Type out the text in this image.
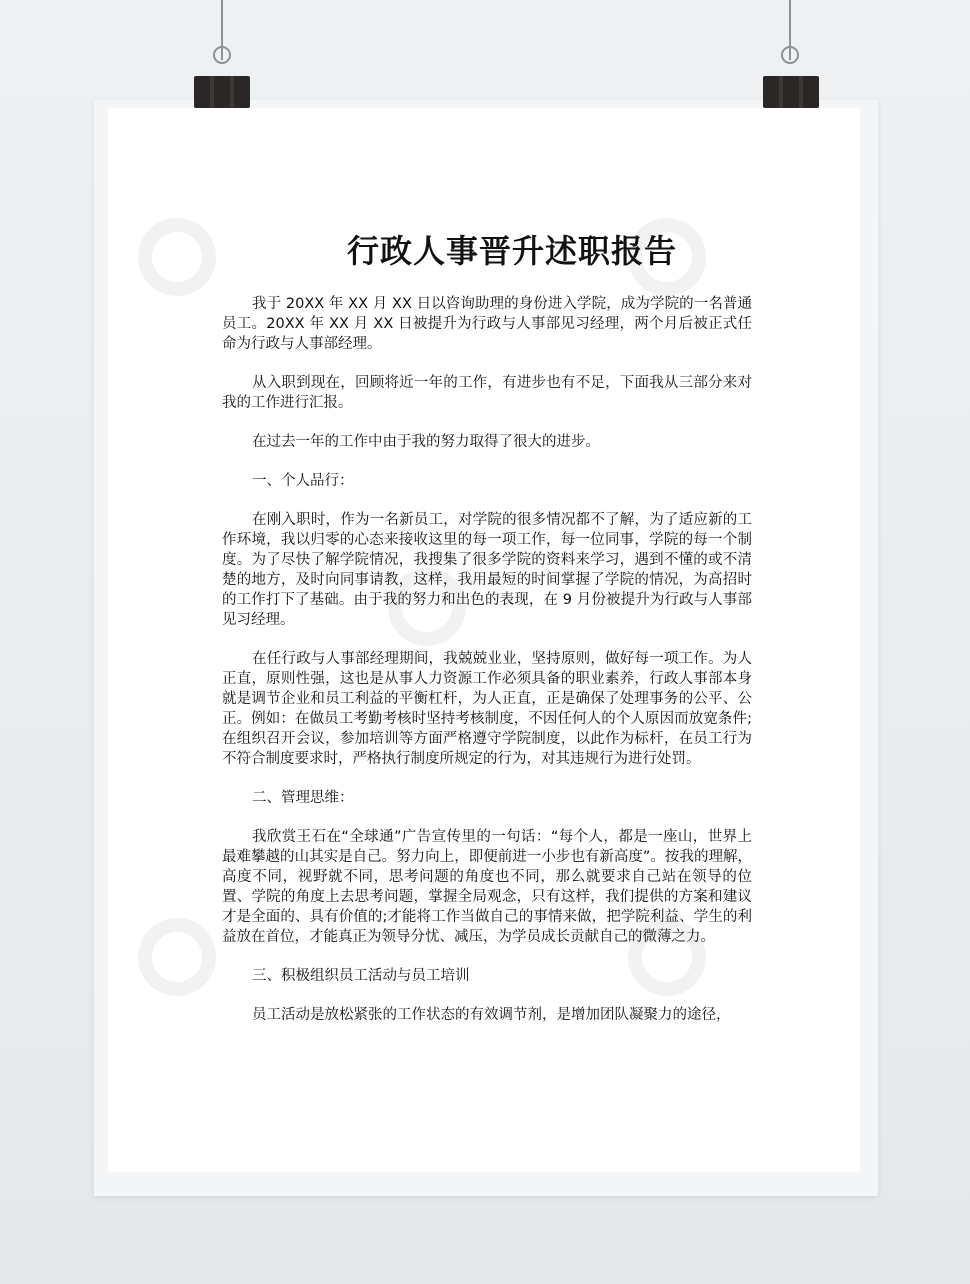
行政人事晋升述职报告

我于 20XX 年 XX 月 XX 日以咨询助理的身份进入学院，成为学院的一名普通员工。20XX 年 XX 月 XX 日被提升为行政与人事部见习经理，两个月后被正式任命为行政与人事部经理。

从入职到现在，回顾将近一年的工作，有进步也有不足，下面我从三部分来对我的工作进行汇报。

在过去一年的工作中由于我的努力取得了很大的进步。

一、个人品行：

在刚入职时，作为一名新员工，对学院的很多情况都不了解，为了适应新的工作环境，我以归零的心态来接收这里的每一项工作，每一位同事，学院的每一个制度。为了尽快了解学院情况，我搜集了很多学院的资料来学习，遇到不懂的或不清楚的地方，及时向同事请教，这样，我用最短的时间掌握了学院的情况，为高招时的工作打下了基础。由于我的努力和出色的表现，在 9 月份被提升为行政与人事部见习经理。

在任行政与人事部经理期间，我兢兢业业，坚持原则，做好每一项工作。为人正直，原则性强，这也是从事人力资源工作必须具备的职业素养，行政人事部本身就是调节企业和员工利益的平衡杠杆，为人正直，正是确保了处理事务的公平、公正。例如：在做员工考勤考核时坚持考核制度，不因任何人的个人原因而放宽条件;在组织召开会议，参加培训等方面严格遵守学院制度，以此作为标杆，在员工行为不符合制度要求时，严格执行制度所规定的行为，对其违规行为进行处罚。

二、管理思维：

我欣赏王石在“全球通”广告宣传里的一句话：“每个人，都是一座山，世界上最难攀越的山其实是自己。努力向上，即便前进一小步也有新高度”。按我的理解，高度不同，视野就不同，思考问题的角度也不同，那么就要求自己站在领导的位置、学院的角度上去思考问题，掌握全局观念，只有这样，我们提供的方案和建议才是全面的、具有价值的;才能将工作当做自己的事情来做，把学院利益、学生的利益放在首位，才能真正为领导分忧、减压，为学员成长贡献自己的微薄之力。

三、积极组织员工活动与员工培训

员工活动是放松紧张的工作状态的有效调节剂，是增加团队凝聚力的途径，
